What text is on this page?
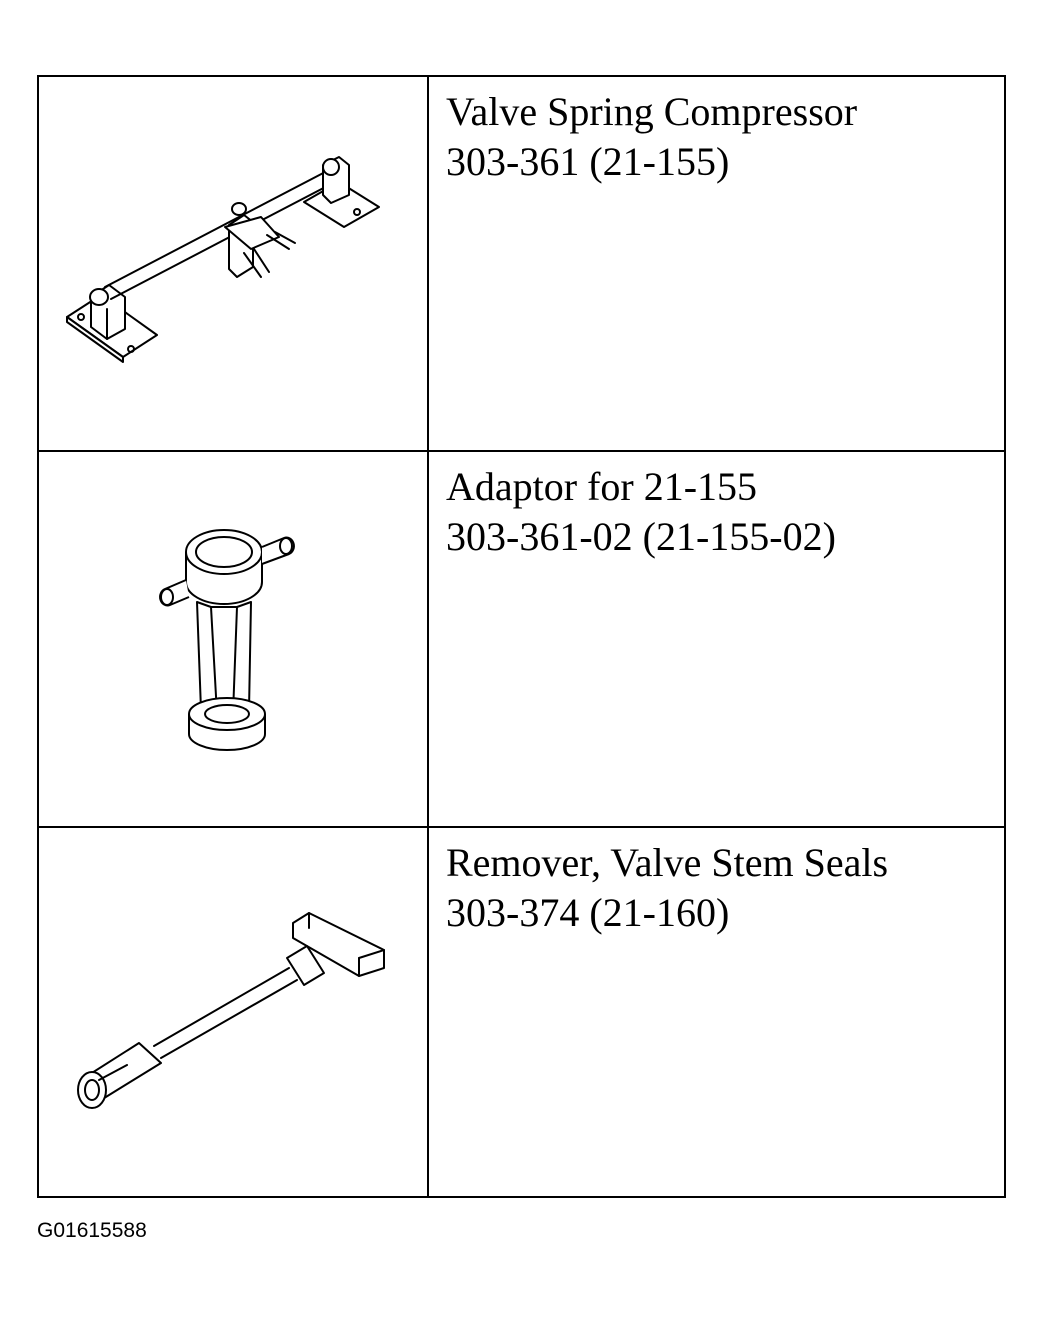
Valve Spring Compressor
303-361 (21-155)
Adaptor for 21-155
303-361-02 (21-155-02)
Remover, Valve Stem Seals
303-374 (21-160)
G01615588
